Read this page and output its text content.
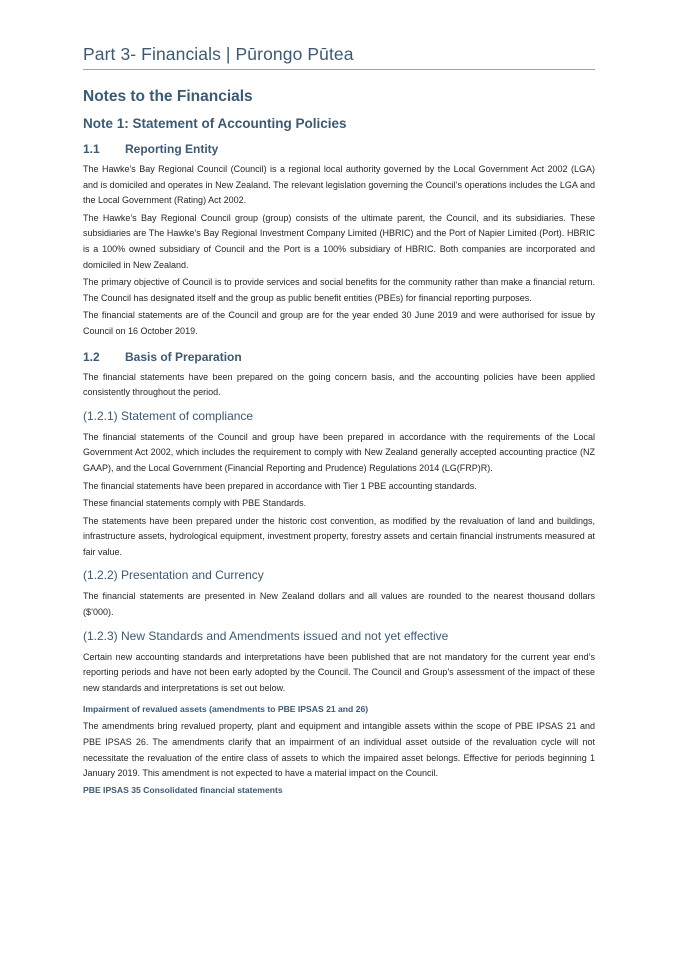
Part 3- Financials | Pūrongo Pūtea
Notes to the Financials
Note 1: Statement of Accounting Policies
1.1 Reporting Entity

The Hawke’s Bay Regional Council (Council) is a regional local authority governed by the Local Government Act 2002 (LGA) and is domiciled and operates in New Zealand. The relevant legislation governing the Council’s operations includes the LGA and the Local Government (Rating) Act 2002.

The Hawke’s Bay Regional Council group (group) consists of the ultimate parent, the Council, and its subsidiaries. These subsidiaries are The Hawke’s Bay Regional Investment Company Limited (HBRIC) and the Port of Napier Limited (Port). HBRIC is a 100% owned subsidiary of Council and the Port is a 100% subsidiary of HBRIC. Both companies are incorporated and domiciled in New Zealand.

The primary objective of Council is to provide services and social benefits for the community rather than make a financial return. The Council has designated itself and the group as public benefit entities (PBEs) for financial reporting purposes.

The financial statements are of the Council and group are for the year ended 30 June 2019 and were authorised for issue by Council on 16 October 2019.

1.2 Basis of Preparation

The financial statements have been prepared on the going concern basis, and the accounting policies have been applied consistently throughout the period.

(1.2.1) Statement of compliance

The financial statements of the Council and group have been prepared in accordance with the requirements of the Local Government Act 2002, which includes the requirement to comply with New Zealand generally accepted accounting practice (NZ GAAP), and the Local Government (Financial Reporting and Prudence) Regulations 2014 (LG(FRP)R).

The financial statements have been prepared in accordance with Tier 1 PBE accounting standards.

These financial statements comply with PBE Standards.

The statements have been prepared under the historic cost convention, as modified by the revaluation of land and buildings, infrastructure assets, hydrological equipment, investment property, forestry assets and certain financial instruments measured at fair value.

(1.2.2) Presentation and Currency

The financial statements are presented in New Zealand dollars and all values are rounded to the nearest thousand dollars ($’000).

(1.2.3) New Standards and Amendments issued and not yet effective

Certain new accounting standards and interpretations have been published that are not mandatory for the current year end’s reporting periods and have not been early adopted by the Council. The Council and Group’s assessment of the impact of these new standards and interpretations is set out below.

Impairment of revalued assets (amendments to PBE IPSAS 21 and 26)

The amendments bring revalued property, plant and equipment and intangible assets within the scope of PBE IPSAS 21 and PBE IPSAS 26. The amendments clarify that an impairment of an individual asset outside of the revaluation cycle will not necessitate the revaluation of the entire class of assets to which the impaired asset belongs. Effective for periods beginning 1 January 2019. This amendment is not expected to have a material impact on the Council.

PBE IPSAS 35 Consolidated financial statements
